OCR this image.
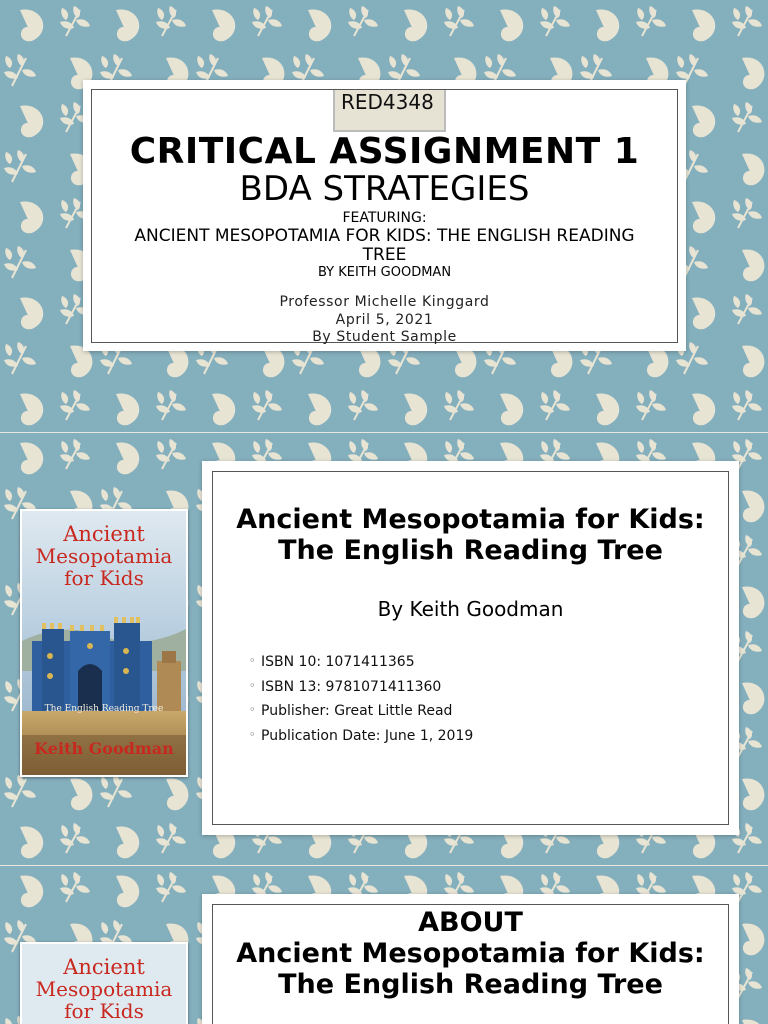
RED4348
CRITICAL ASSIGNMENT 1
BDA STRATEGIES
FEATURING:
ANCIENT MESOPOTAMIA FOR KIDS: THE ENGLISH READING TREE
BY KEITH GOODMAN
Professor Michelle Kinggard
April 5, 2021
By Student Sample
Ancient
Mesopotamia
for Kids
The English Reading Tree
Keith Goodman
Ancient Mesopotamia for Kids: The English Reading Tree
By Keith Goodman
◦ ISBN 10: 1071411365
◦ ISBN 13: 9781071411360
◦ Publisher: Great Little Read
◦ Publication Date: June 1, 2019
Ancient
Mesopotamia
for Kids
ABOUT
Ancient Mesopotamia for Kids: The English Reading Tree
